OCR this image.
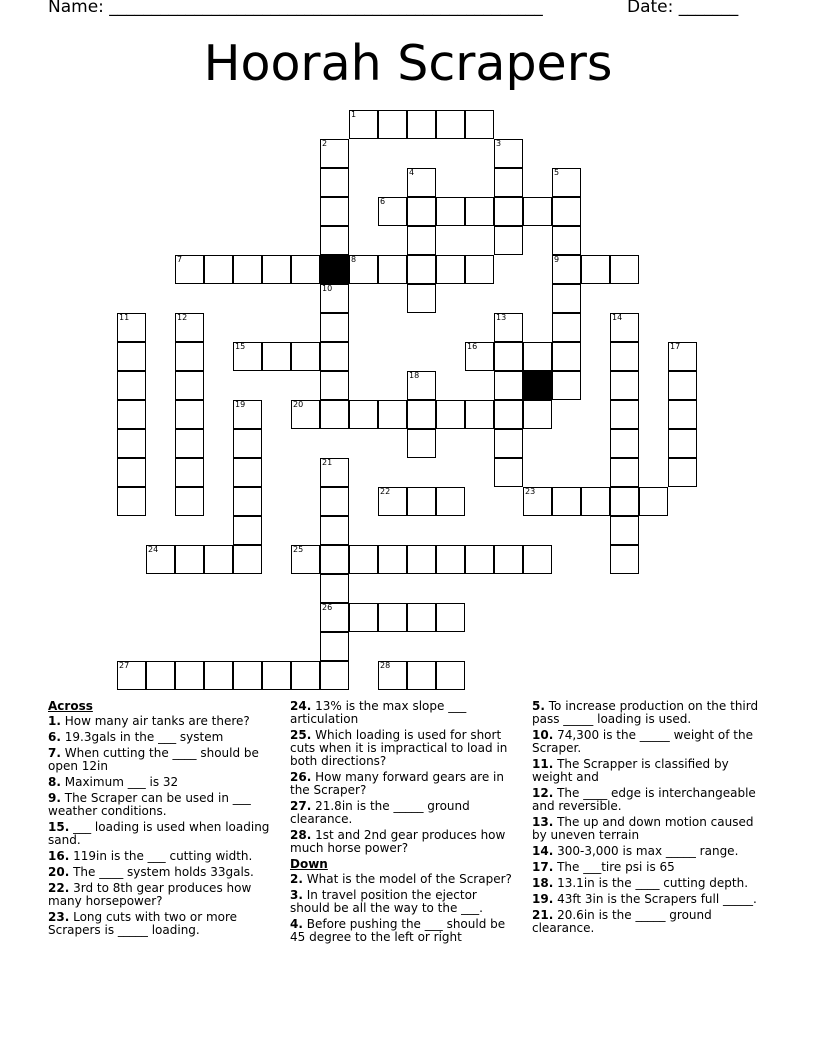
Name: ___________________________________________________	Date: _______
Hoorah Scrapers
1
2	3
4	5
6
7	8	9
10
11	12	13	14
15	16	17
18
19	20
21
22	23
24	25
26
27	28
Across
1. How many air tanks are there?
6. 19.3gals in the ___ system
7. When cutting the ____ should be open 12in
8. Maximum ___ is 32
9. The Scraper can be used in ___ weather conditions.
15. ___ loading is used when loading sand.
16. 119in is the ___ cutting width.
20. The ____ system holds 33gals.
22. 3rd to 8th gear produces how many horsepower?
23. Long cuts with two or more Scrapers is _____ loading.
24. 13% is the max slope ___ articulation
25. Which loading is used for short cuts when it is impractical to load in both directions?
26. How many forward gears are in the Scraper?
27. 21.8in is the _____ ground clearance.
28. 1st and 2nd gear produces how much horse power?
Down
2. What is the model of the Scraper?
3. In travel position the ejector should be all the way to the ___.
4. Before pushing the ___ should be 45 degree to the left or right
5. To increase production on the third pass _____ loading is used.
10. 74,300 is the _____ weight of the Scraper.
11. The Scrapper is classified by weight and
12. The ____ edge is interchangeable and reversible.
13. The up and down motion caused by uneven terrain
14. 300-3,000 is max _____ range.
17. The ___tire psi is 65
18. 13.1in is the ____ cutting depth.
19. 43ft 3in is the Scrapers full _____.
21. 20.6in is the _____ ground clearance.
